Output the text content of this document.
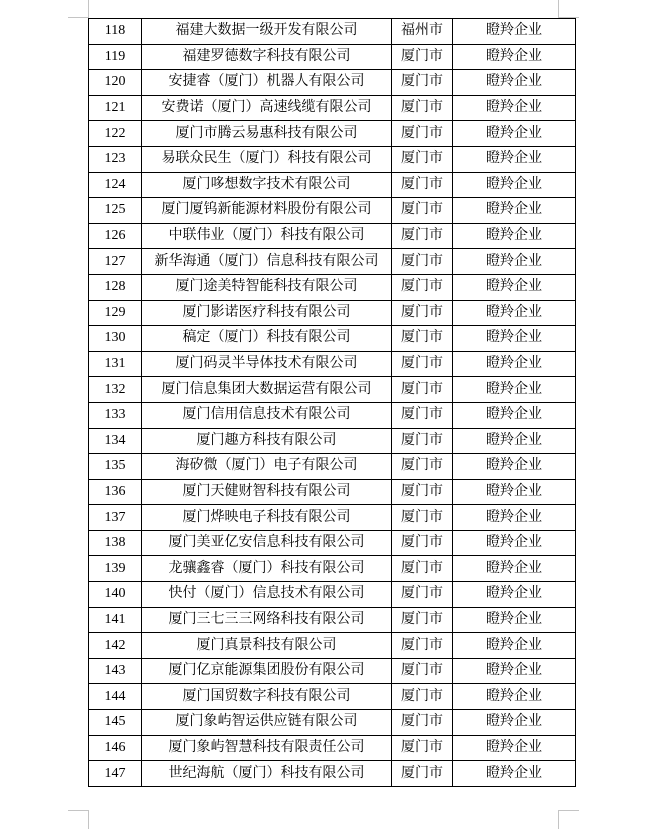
118	福建大数据一级开发有限公司	福州市	瞪羚企业
119	福建罗德数字科技有限公司	厦门市	瞪羚企业
120	安捷睿（厦门）机器人有限公司	厦门市	瞪羚企业
121	安费诺（厦门）高速线缆有限公司	厦门市	瞪羚企业
122	厦门市腾云易惠科技有限公司	厦门市	瞪羚企业
123	易联众民生（厦门）科技有限公司	厦门市	瞪羚企业
124	厦门哆想数字技术有限公司	厦门市	瞪羚企业
125	厦门厦钨新能源材料股份有限公司	厦门市	瞪羚企业
126	中联伟业（厦门）科技有限公司	厦门市	瞪羚企业
127	新华海通（厦门）信息科技有限公司	厦门市	瞪羚企业
128	厦门途美特智能科技有限公司	厦门市	瞪羚企业
129	厦门影诺医疗科技有限公司	厦门市	瞪羚企业
130	稿定（厦门）科技有限公司	厦门市	瞪羚企业
131	厦门码灵半导体技术有限公司	厦门市	瞪羚企业
132	厦门信息集团大数据运营有限公司	厦门市	瞪羚企业
133	厦门信用信息技术有限公司	厦门市	瞪羚企业
134	厦门趣方科技有限公司	厦门市	瞪羚企业
135	海矽微（厦门）电子有限公司	厦门市	瞪羚企业
136	厦门天健财智科技有限公司	厦门市	瞪羚企业
137	厦门烨映电子科技有限公司	厦门市	瞪羚企业
138	厦门美亚亿安信息科技有限公司	厦门市	瞪羚企业
139	龙骧鑫睿（厦门）科技有限公司	厦门市	瞪羚企业
140	快付（厦门）信息技术有限公司	厦门市	瞪羚企业
141	厦门三七三三网络科技有限公司	厦门市	瞪羚企业
142	厦门真景科技有限公司	厦门市	瞪羚企业
143	厦门亿京能源集团股份有限公司	厦门市	瞪羚企业
144	厦门国贸数字科技有限公司	厦门市	瞪羚企业
145	厦门象屿智运供应链有限公司	厦门市	瞪羚企业
146	厦门象屿智慧科技有限责任公司	厦门市	瞪羚企业
147	世纪海航（厦门）科技有限公司	厦门市	瞪羚企业
